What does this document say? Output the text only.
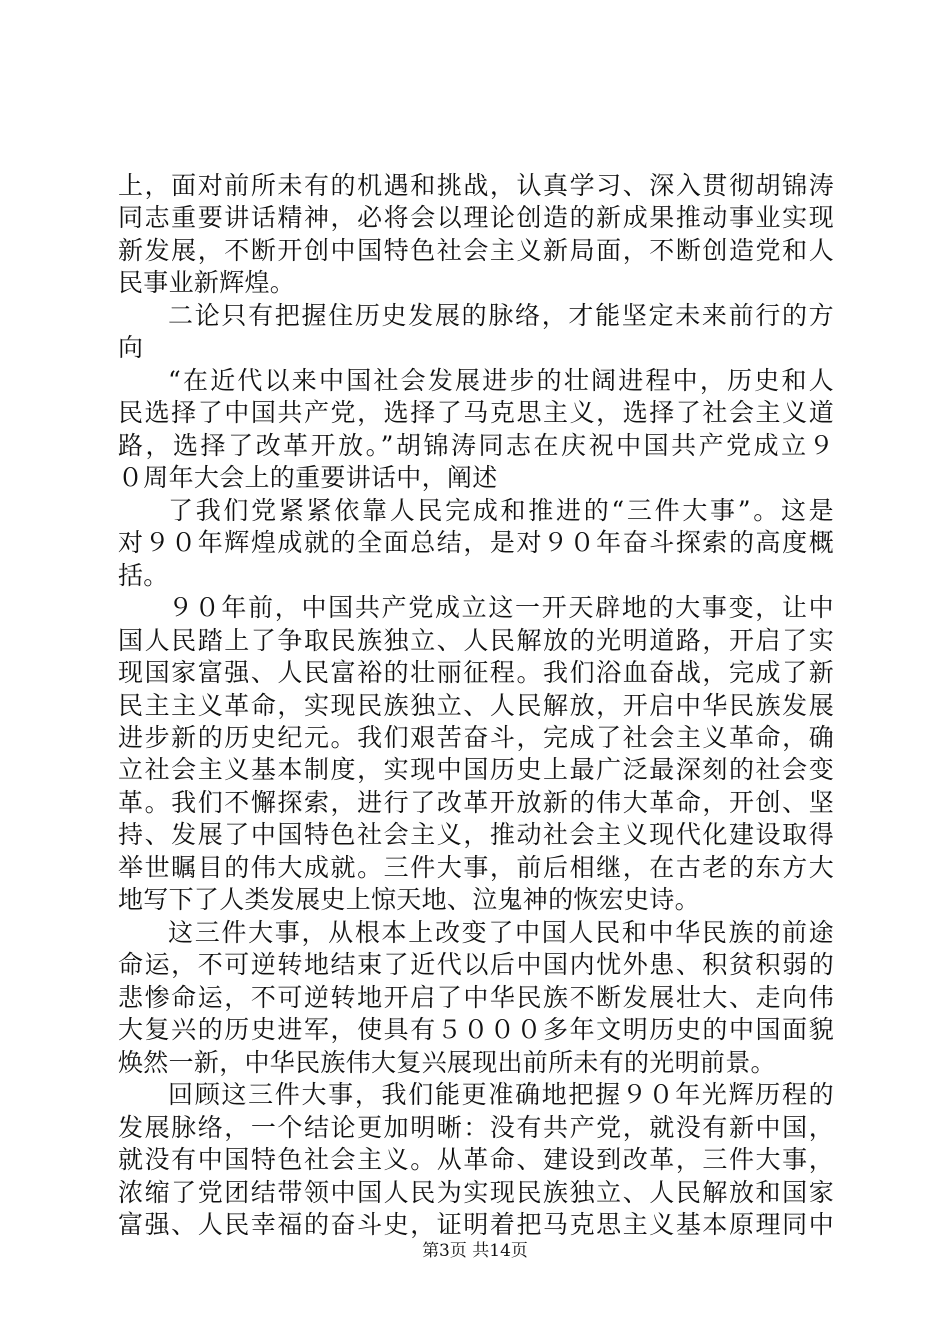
上，面对前所未有的机遇和挑战，认真学习、深入贯彻胡锦涛
同志重要讲话精神，必将会以理论创造的新成果推动事业实现
新发展，不断开创中国特色社会主义新局面，不断创造党和人
民事业新辉煌。
二论只有把握住历史发展的脉络，才能坚定未来前行的方
向
“在近代以来中国社会发展进步的壮阔进程中，历史和人
民选择了中国共产党，选择了马克思主义，选择了社会主义道
路，选择了改革开放。”胡锦涛同志在庆祝中国共产党成立９
０周年大会上的重要讲话中，阐述
了我们党紧紧依靠人民完成和推进的“三件大事”。这是
对９０年辉煌成就的全面总结，是对９０年奋斗探索的高度概
括。
９０年前，中国共产党成立这一开天辟地的大事变，让中
国人民踏上了争取民族独立、人民解放的光明道路，开启了实
现国家富强、人民富裕的壮丽征程。我们浴血奋战，完成了新
民主主义革命，实现民族独立、人民解放，开启中华民族发展
进步新的历史纪元。我们艰苦奋斗，完成了社会主义革命，确
立社会主义基本制度，实现中国历史上最广泛最深刻的社会变
革。我们不懈探索，进行了改革开放新的伟大革命，开创、坚
持、发展了中国特色社会主义，推动社会主义现代化建设取得
举世瞩目的伟大成就。三件大事，前后相继，在古老的东方大
地写下了人类发展史上惊天地、泣鬼神的恢宏史诗。
这三件大事，从根本上改变了中国人民和中华民族的前途
命运，不可逆转地结束了近代以后中国内忧外患、积贫积弱的
悲惨命运，不可逆转地开启了中华民族不断发展壮大、走向伟
大复兴的历史进军，使具有５０００多年文明历史的中国面貌
焕然一新，中华民族伟大复兴展现出前所未有的光明前景。
回顾这三件大事，我们能更准确地把握９０年光辉历程的
发展脉络，一个结论更加明晰：没有共产党，就没有新中国，
就没有中国特色社会主义。从革命、建设到改革，三件大事，
浓缩了党团结带领中国人民为实现民族独立、人民解放和国家
富强、人民幸福的奋斗史，证明着把马克思主义基本原理同中
第3页 共14页
